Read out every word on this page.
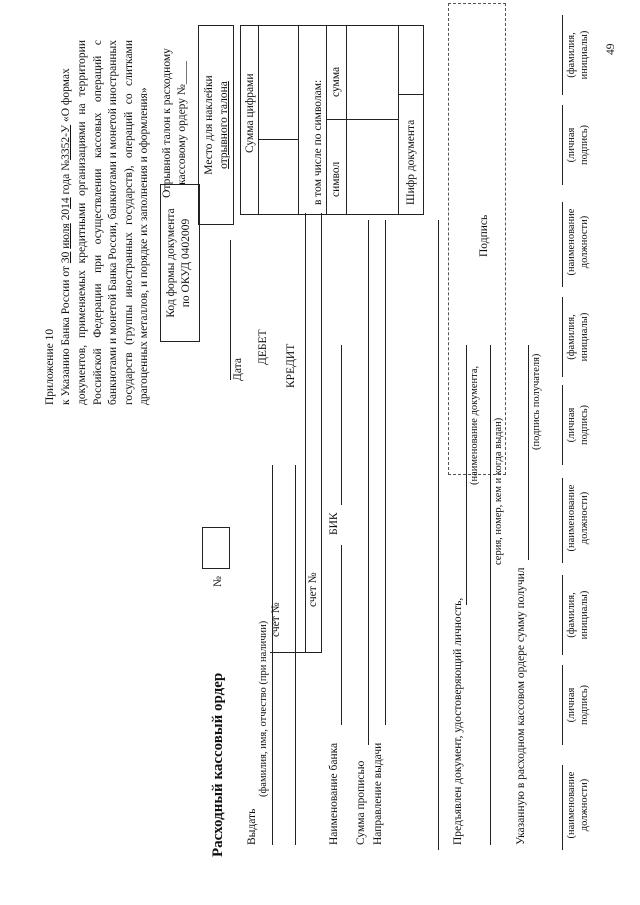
Приложение 10 к Указанию Банка России от 30 июля 2014 года №3352-У «О формах документов, применяемых кредитными организациями на территории Российской Федерации при осуществлении кассовых операций с банкнотами и монетой Банка России, банкнотами и монетой иностранных государств (группы иностранных государств), операций со слитками драгоценных металлов, и порядке их заполнения и оформления» Код формы документа по ОКУД 0402009
Отрывной талон к расходному кассовому ордеру №____
Место для наклейки отрывного талона
Подпись
Расходный кассовый ордер
№
Дата
Выдать
(фамилия, имя, отчество (при наличии)
ДЕБЕТ КРЕДИТ
счет №
счет №
Сумма цифрами	в том числе по символам: символ
сумма
Шифр документа
Наименование банка
БИК
Сумма прописью Направление выдачи	Предъявлен документ, удостоверяющий личность,
(наименование документа, серия, номер, кем и когда выдан)
Указанную в расходном кассовом ордере сумму получил
(подпись получателя)
(наименование должности)
(личная подпись)
(фамилия, инициалы)
(наименование должности)
(личная подпись)
(фамилия, инициалы)
(наименование должности)
(личная подпись)
(фамилия, инициалы) 49
